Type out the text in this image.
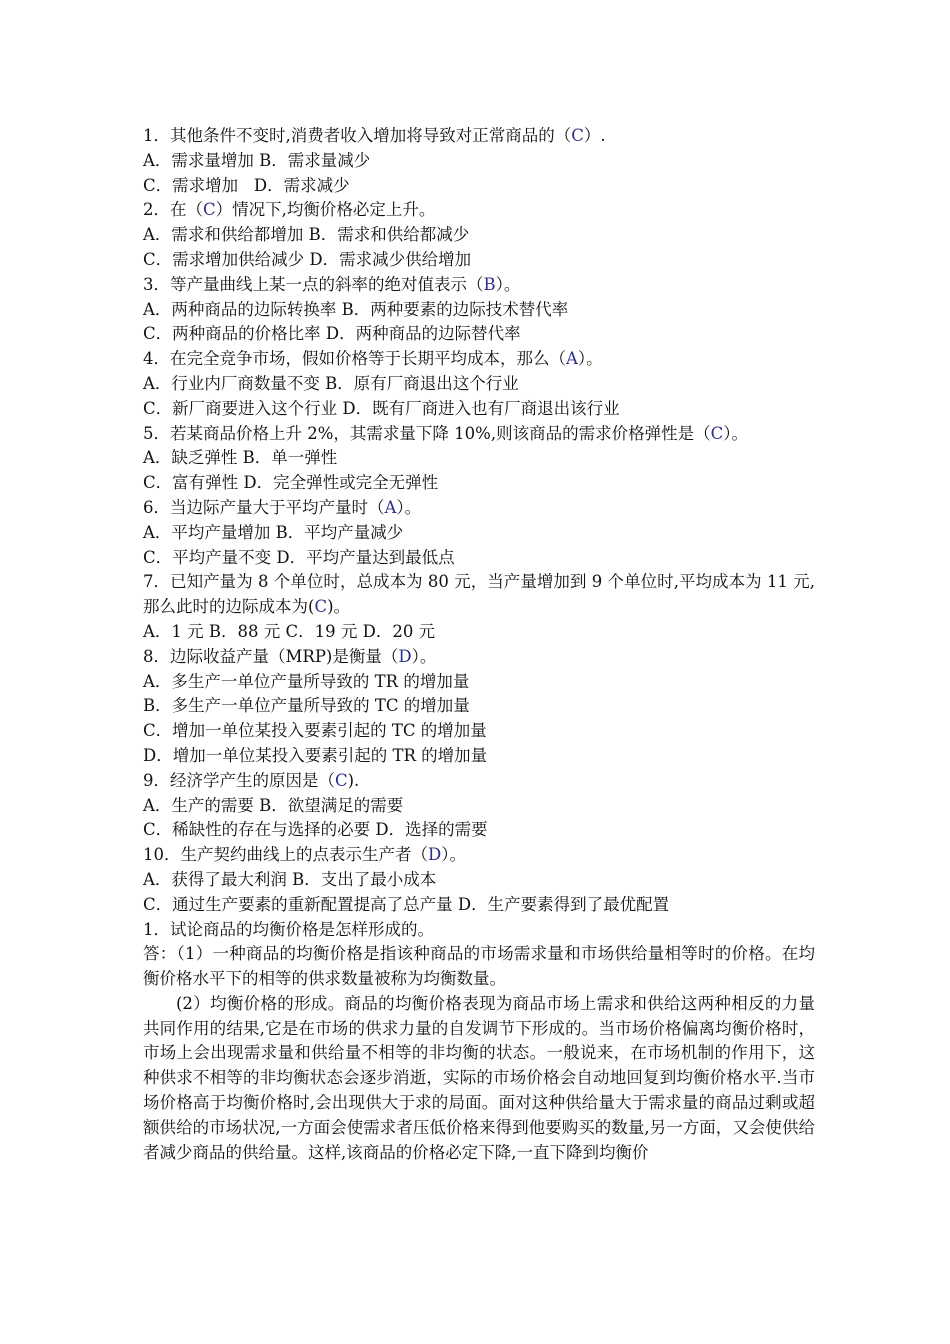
1．其他条件不变时,消费者收入增加将导致对正常商品的（C）.
A．需求量增加 B．需求量减少
C．需求增加   D．需求减少
2．在（C）情况下,均衡价格必定上升。
A．需求和供给都增加 B．需求和供给都减少
C．需求增加供给减少 D．需求减少供给增加
3．等产量曲线上某一点的斜率的绝对值表示（B）。
A．两种商品的边际转换率 B．两种要素的边际技术替代率
C．两种商品的价格比率 D．两种商品的边际替代率
4．在完全竞争市场，假如价格等于长期平均成本，那么（A）。
A．行业内厂商数量不变 B．原有厂商退出这个行业
C．新厂商要进入这个行业 D．既有厂商进入也有厂商退出该行业
5．若某商品价格上升 2%，其需求量下降 10%,则该商品的需求价格弹性是（C）。
A．缺乏弹性 B．单一弹性
C．富有弹性 D．完全弹性或完全无弹性
6．当边际产量大于平均产量时（A）。
A．平均产量增加 B．平均产量减少
C．平均产量不变 D．平均产量达到最低点
7．已知产量为 8 个单位时，总成本为 80 元，当产量增加到 9 个单位时,平均成本为 11 元,那么此时的边际成本为(C)。
A．1 元 B．88 元 C．19 元 D．20 元
8．边际收益产量（MRP)是衡量（D）。
A．多生产一单位产量所导致的 TR 的增加量
B．多生产一单位产量所导致的 TC 的增加量
C．增加一单位某投入要素引起的 TC 的增加量
D．增加一单位某投入要素引起的 TR 的增加量
9．经济学产生的原因是（C).
A．生产的需要 B．欲望满足的需要
C．稀缺性的存在与选择的必要 D．选择的需要
10．生产契约曲线上的点表示生产者（D）。
A．获得了最大利润 B．支出了最小成本
C．通过生产要素的重新配置提高了总产量 D．生产要素得到了最优配置
1．试论商品的均衡价格是怎样形成的。
答：（1）一种商品的均衡价格是指该种商品的市场需求量和市场供给量相等时的价格。在均衡价格水平下的相等的供求数量被称为均衡数量。
(2）均衡价格的形成。商品的均衡价格表现为商品市场上需求和供给这两种相反的力量共同作用的结果,它是在市场的供求力量的自发调节下形成的。当市场价格偏离均衡价格时，市场上会出现需求量和供给量不相等的非均衡的状态。一般说来，在市场机制的作用下，这种供求不相等的非均衡状态会逐步消逝，实际的市场价格会自动地回复到均衡价格水平.当市场价格高于均衡价格时,会出现供大于求的局面。面对这种供给量大于需求量的商品过剩或超额供给的市场状况,一方面会使需求者压低价格来得到他要购买的数量,另一方面，又会使供给者减少商品的供给量。这样,该商品的价格必定下降,一直下降到均衡价
